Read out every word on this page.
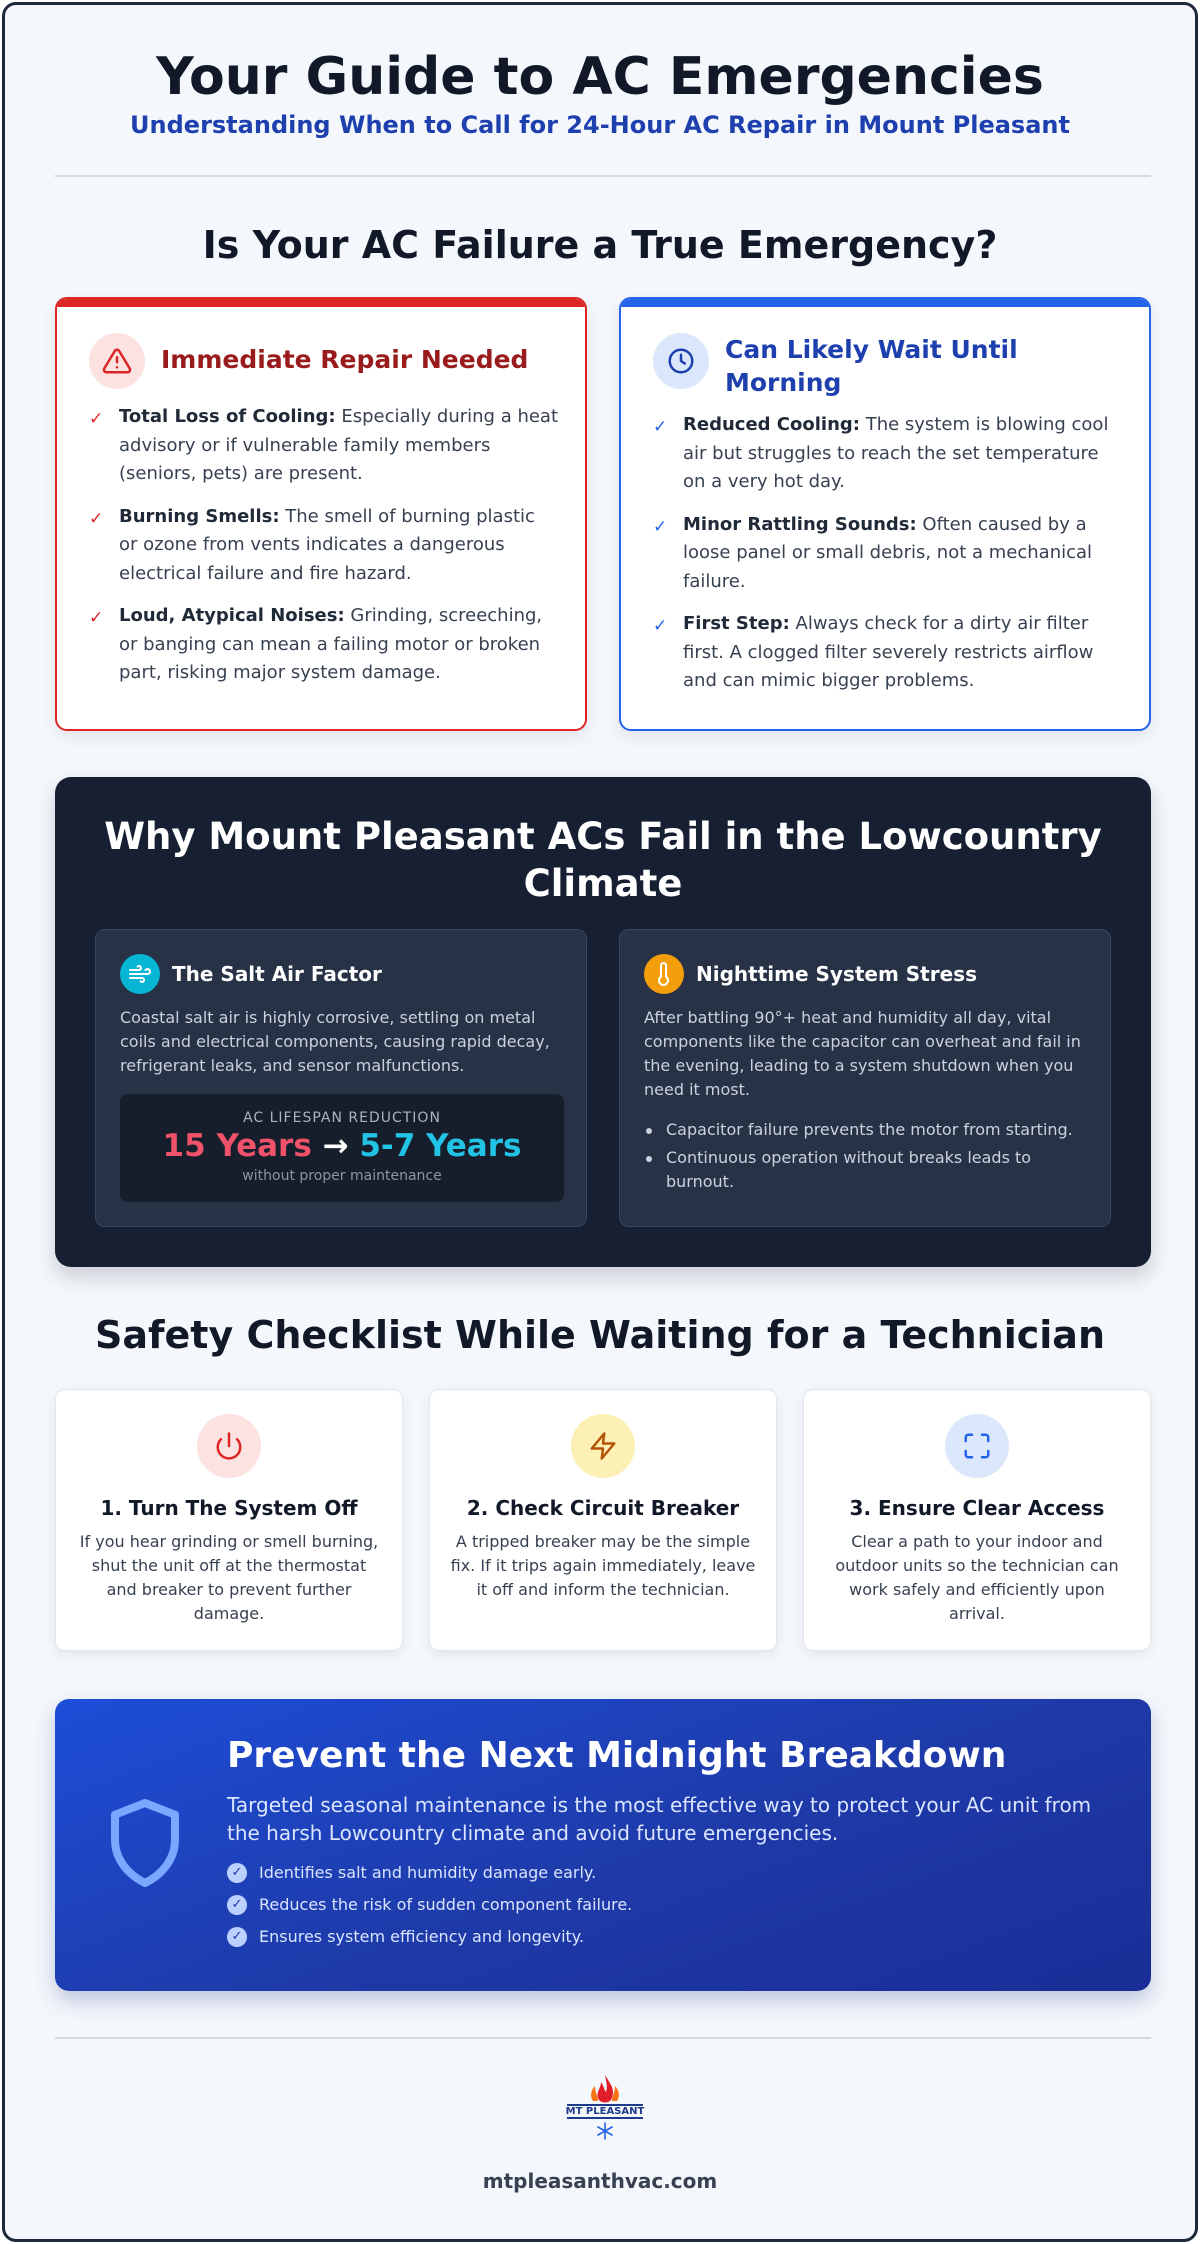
Your Guide to AC Emergencies
Understanding When to Call for 24-Hour AC Repair in Mount Pleasant
Is Your AC Failure a True Emergency?
Immediate Repair Needed
✓ Total Loss of Cooling: Especially during a heat advisory or if vulnerable family members (seniors, pets) are present.
✓ Burning Smells: The smell of burning plastic or ozone from vents indicates a dangerous electrical failure and fire hazard.
✓ Loud, Atypical Noises: Grinding, screeching, or banging can mean a failing motor or broken part, risking major system damage.
Can Likely Wait Until Morning
✓ Reduced Cooling: The system is blowing cool air but struggles to reach the set temperature on a very hot day.
✓ Minor Rattling Sounds: Often caused by a loose panel or small debris, not a mechanical failure.
✓ First Step: Always check for a dirty air filter first. A clogged filter severely restricts airflow and can mimic bigger problems.
Why Mount Pleasant ACs Fail in the Lowcountry Climate
The Salt Air Factor

Coastal salt air is highly corrosive, settling on metal coils and electrical components, causing rapid decay, refrigerant leaks, and sensor malfunctions.

AC LIFESPAN REDUCTION
15 Years → 5-7 Years
without proper maintenance
Nighttime System Stress

After battling 90°+ heat and humidity all day, vital components like the capacitor can overheat and fail in the evening, leading to a system shutdown when you need it most.

Capacitor failure prevents the motor from starting.
Continuous operation without breaks leads to burnout.
Safety Checklist While Waiting for a Technician
1. Turn The System Off

If you hear grinding or smell burning, shut the unit off at the thermostat and breaker to prevent further damage.

2. Check Circuit Breaker

A tripped breaker may be the simple fix. If it trips again immediately, leave it off and inform the technician.

3. Ensure Clear Access

Clear a path to your indoor and outdoor units so the technician can work safely and efficiently upon arrival.

Prevent the Next Midnight Breakdown

Targeted seasonal maintenance is the most effective way to protect your AC unit from the harsh Lowcountry climate and avoid future emergencies.

✓ Identifies salt and humidity damage early.
✓ Reduces the risk of sudden component failure.
✓ Ensures system efficiency and longevity.
MT PLEASANT
mtpleasanthvac.com
